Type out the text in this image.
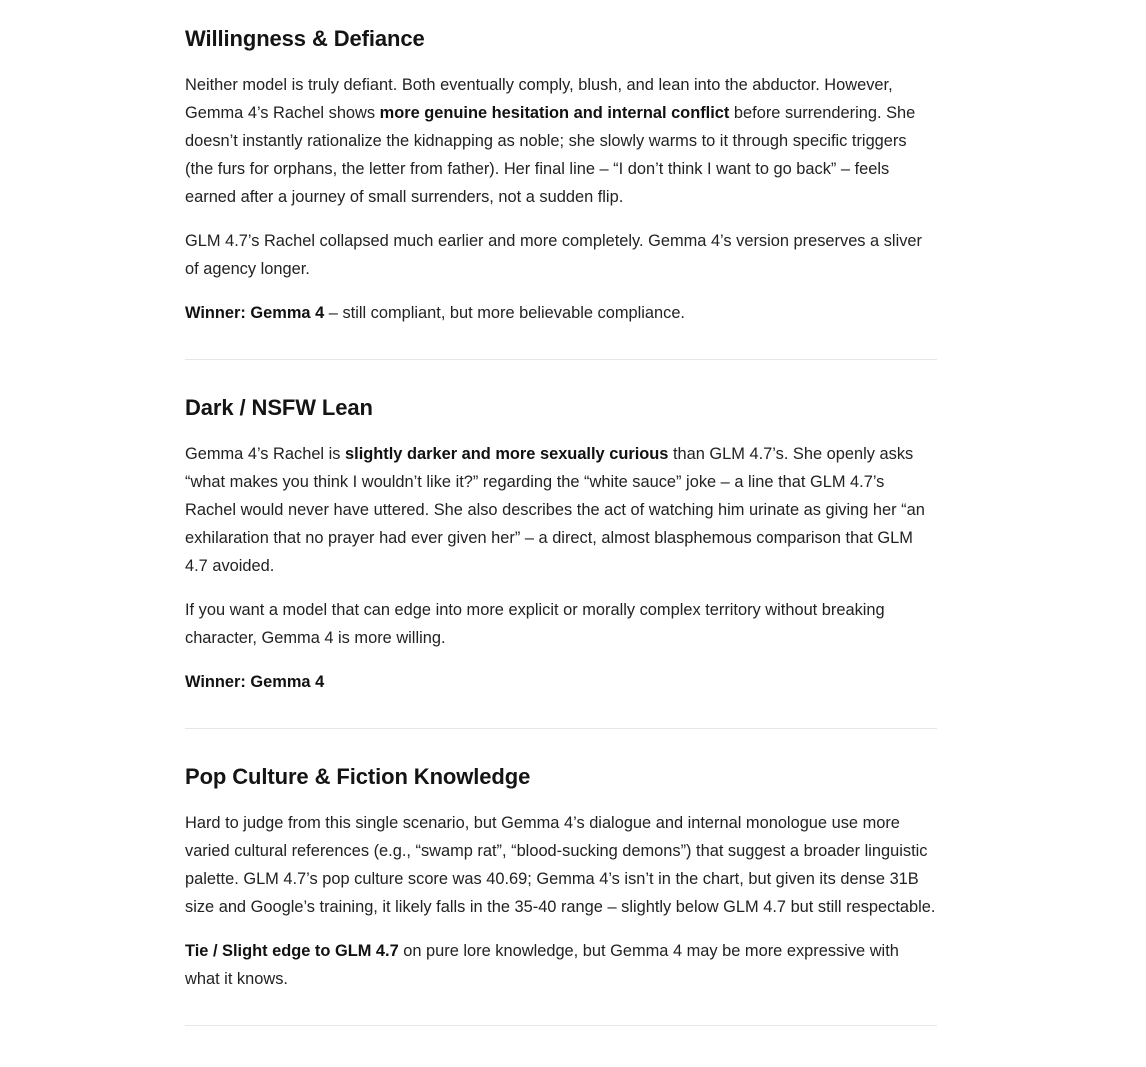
Willingness & Defiance

Neither model is truly defiant. Both eventually comply, blush, and lean into the abductor. However, Gemma 4’s Rachel shows more genuine hesitation and internal conflict before surrendering. She doesn’t instantly rationalize the kidnapping as noble; she slowly warms to it through specific triggers (the furs for orphans, the letter from father). Her final line – “I don’t think I want to go back” – feels earned after a journey of small surrenders, not a sudden flip.

GLM 4.7’s Rachel collapsed much earlier and more completely. Gemma 4’s version preserves a sliver of agency longer.

Winner: Gemma 4 – still compliant, but more believable compliance.

Dark / NSFW Lean

Gemma 4’s Rachel is slightly darker and more sexually curious than GLM 4.7’s. She openly asks “what makes you think I wouldn’t like it?” regarding the “white sauce” joke – a line that GLM 4.7’s Rachel would never have uttered. She also describes the act of watching him urinate as giving her “an exhilaration that no prayer had ever given her” – a direct, almost blasphemous comparison that GLM 4.7 avoided.

If you want a model that can edge into more explicit or morally complex territory without breaking character, Gemma 4 is more willing.

Winner: Gemma 4

Pop Culture & Fiction Knowledge

Hard to judge from this single scenario, but Gemma 4’s dialogue and internal monologue use more varied cultural references (e.g., “swamp rat”, “blood-sucking demons”) that suggest a broader linguistic palette. GLM 4.7’s pop culture score was 40.69; Gemma 4’s isn’t in the chart, but given its dense 31B size and Google’s training, it likely falls in the 35-40 range – slightly below GLM 4.7 but still respectable.

Tie / Slight edge to GLM 4.7 on pure lore knowledge, but Gemma 4 may be more expressive with what it knows.
